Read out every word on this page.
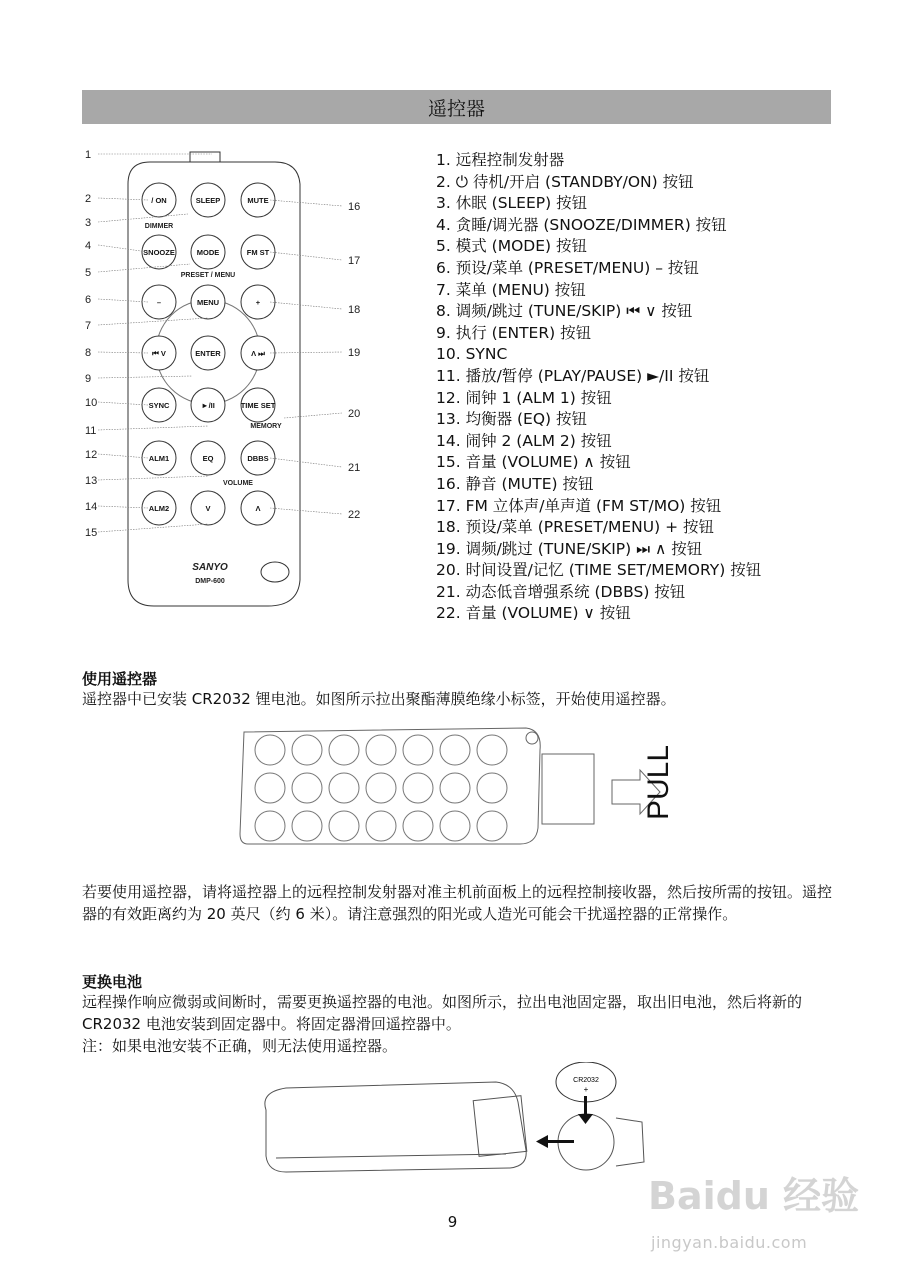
遥控器
/ ON	SLEEP	MUTE
SNOOZE	MODE	FM ST
–	MENU	+
⏮ V	ENTER	Λ ⏭
SYNC	►/II	TIME SET
ALM1	EQ	DBBS
ALM2	V	Λ
DIMMER
PRESET / MENU
MEMORY
VOLUME
SANYO
DMP-600
1
2
3
4
5
6
7
8
9
10
11
12
13
14
15
16
17
18
19
20
21
22
1. 远程控制发射器
2. ⏻ 待机/开启 (STANDBY/ON) 按钮
3. 休眠 (SLEEP) 按钮
4. 贪睡/调光器 (SNOOZE/DIMMER) 按钮
5. 模式 (MODE) 按钮
6. 预设/菜单 (PRESET/MENU) – 按钮
7. 菜单 (MENU) 按钮
8. 调频/跳过 (TUNE/SKIP) ⏮ ∨ 按钮
9. 执行 (ENTER) 按钮
10. SYNC
11. 播放/暂停 (PLAY/PAUSE) ►/II 按钮
12. 闹钟 1 (ALM 1) 按钮
13. 均衡器 (EQ) 按钮
14. 闹钟 2 (ALM 2) 按钮
15. 音量 (VOLUME) ∧ 按钮
16. 静音 (MUTE) 按钮
17. FM 立体声/单声道 (FM ST/MO) 按钮
18. 预设/菜单 (PRESET/MENU) + 按钮
19. 调频/跳过 (TUNE/SKIP) ⏭ ∧ 按钮
20. 时间设置/记忆 (TIME SET/MEMORY) 按钮
21. 动态低音增强系统 (DBBS) 按钮
22. 音量 (VOLUME) ∨ 按钮
使用遥控器

遥控器中已安装 CR2032 锂电池。如图所示拉出聚酯薄膜绝缘小标签，开始使用遥控器。

PULL

若要使用遥控器，请将遥控器上的远程控制发射器对准主机前面板上的远程控制接收器，然后按所需的按钮。遥控器的有效距离约为 20 英尺（约 6 米）。请注意强烈的阳光或人造光可能会干扰遥控器的正常操作。

更换电池

远程操作响应微弱或间断时，需要更换遥控器的电池。如图所示，拉出电池固定器，取出旧电池，然后将新的 CR2032 电池安装到固定器中。将固定器滑回遥控器中。

注：如果电池安装不正确，则无法使用遥控器。

CR2032
+
Baidu 经验
jingyan.baidu.com
9
